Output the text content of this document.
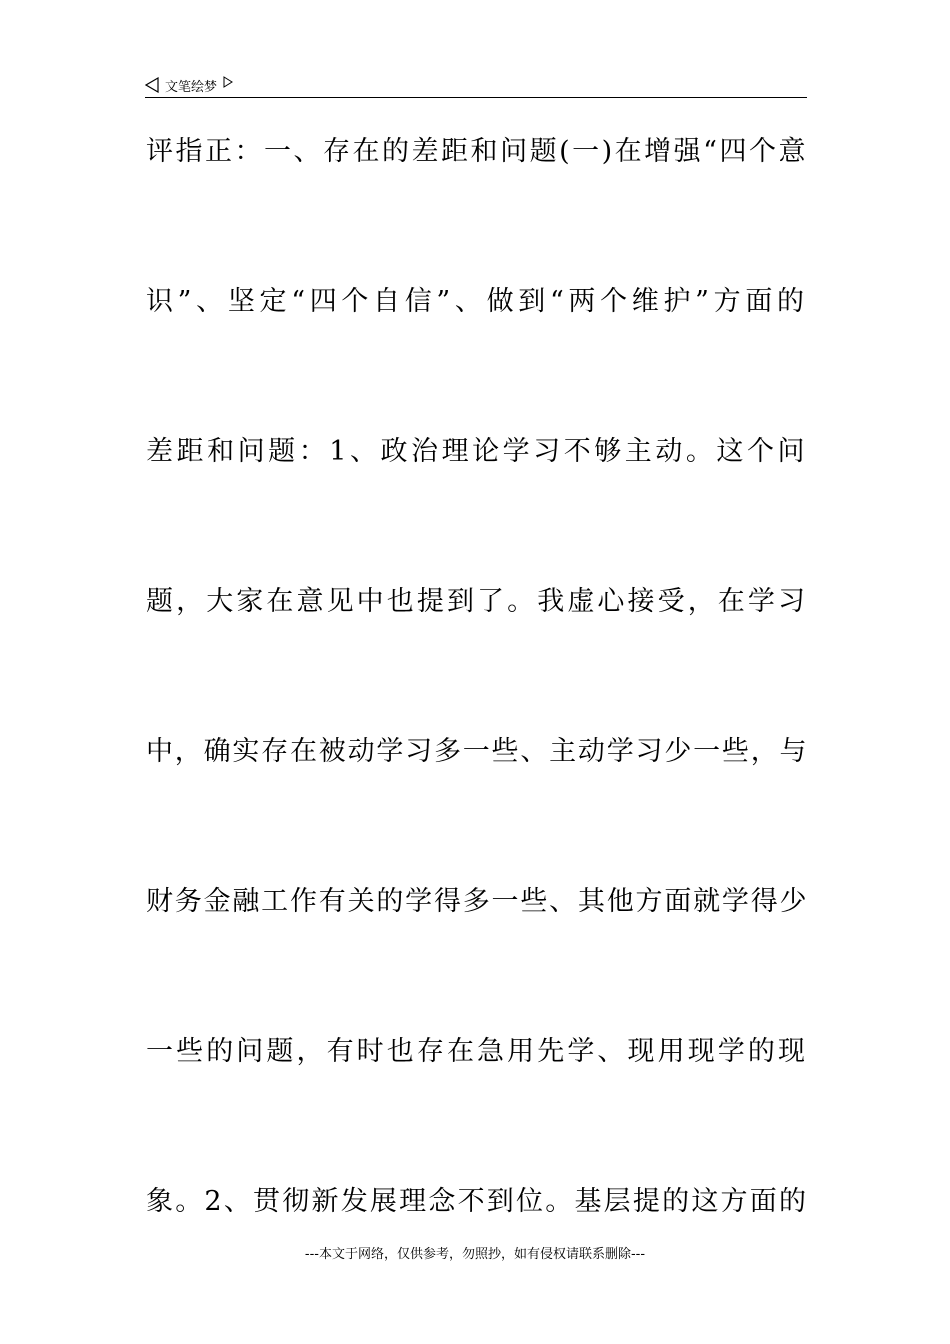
文笔绘梦
评指正：一、存在的差距和问题(一)在增强“四个意
识”、坚定“四个自信”、做到“两个维护”方面的
差距和问题：1、政治理论学习不够主动。这个问
题，大家在意见中也提到了。我虚心接受，在学习
中，确实存在被动学习多一些、主动学习少一些，与
财务金融工作有关的学得多一些、其他方面就学得少
一些的问题，有时也存在急用先学、现用现学的现
象。2、贯彻新发展理念不到位。基层提的这方面的
---本文于网络，仅供参考，勿照抄，如有侵权请联系删除---
